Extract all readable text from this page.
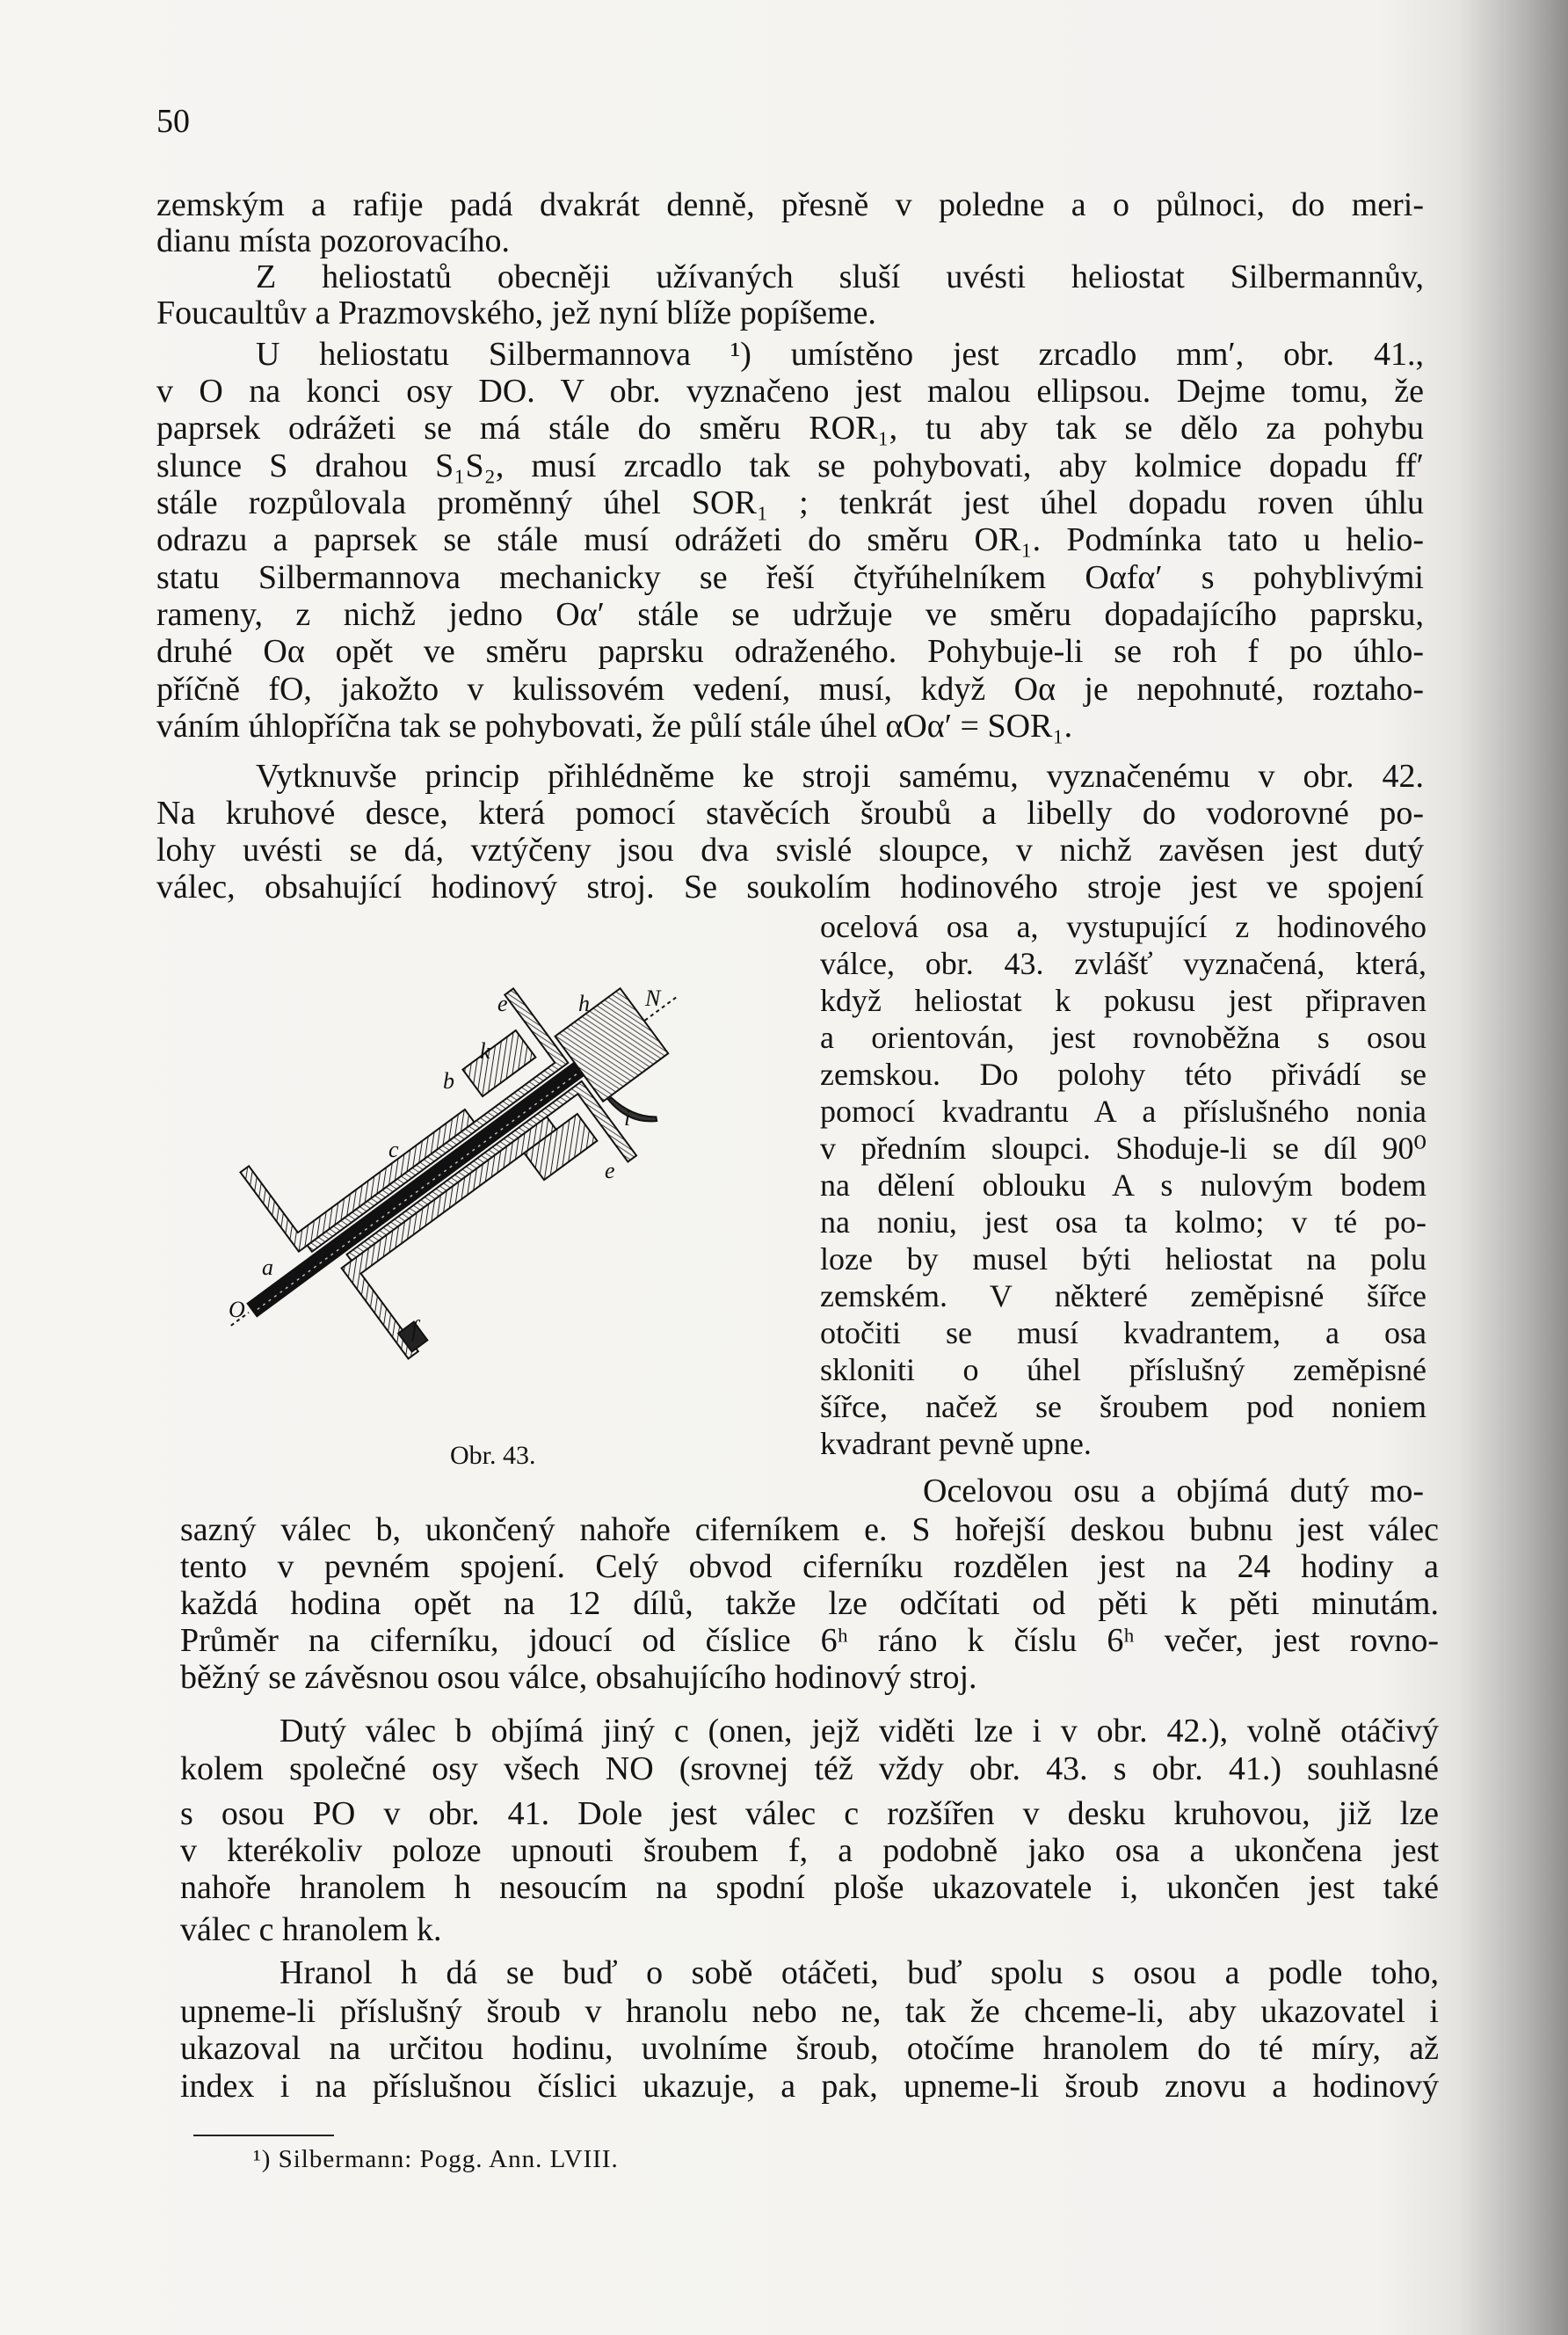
50
zemským a rafije padá dvakrát denně, přesně v poledne a o půlnoci, do meri-
dianu místa pozorovacího.
Z heliostatů obecněji užívaných sluší uvésti heliostat Silbermannův,
Foucaultův a Prazmovského, jež nyní blíže popíšeme.
U heliostatu Silbermannova ¹) umístěno jest zrcadlo mm′, obr. 41.,
v O na konci osy DO. V obr. vyznačeno jest malou ellipsou. Dejme tomu, že
paprsek odrážeti se má stále do směru ROR₁, tu aby tak se dělo za pohybu
slunce S drahou S₁S₂, musí zrcadlo tak se pohybovati, aby kolmice dopadu ff′
stále rozpůlovala proměnný úhel SOR₁ ; tenkrát jest úhel dopadu roven úhlu
odrazu a paprsek se stále musí odrážeti do směru OR₁. Podmínka tato u helio-
statu Silbermannova mechanicky se řeší čtyřúhelníkem Oαfα′ s pohyblivými
rameny, z nichž jedno Oα′ stále se udržuje ve směru dopadajícího paprsku,
druhé Oα opět ve směru paprsku odraženého. Pohybuje-li se roh f po úhlo-
příčně fO, jakožto v kulissovém vedení, musí, když Oα je nepohnuté, roztaho-
váním úhlopříčna tak se pohybovati, že půlí stále úhel αOα′ = SOR₁.
Vytknuvše princip přihlédněme ke stroji samému, vyznačenému v obr. 42.
Na kruhové desce, která pomocí stavěcích šroubů a libelly do vodorovné po-
lohy uvésti se dá, vztýčeny jsou dva svislé sloupce, v nichž zavěsen jest dutý
válec, obsahující hodinový stroj. Se soukolím hodinového stroje jest ve spojení
ocelová osa a, vystupující z hodinového
válce, obr. 43. zvlášť vyznačená, která,
když heliostat k pokusu jest připraven
a orientován, jest rovnoběžna s osou
zemskou. Do polohy této přivádí se
pomocí kvadrantu A a příslušného nonia
v předním sloupci. Shoduje-li se díl 90⁰
na dělení oblouku A s nulovým bodem
na noniu, jest osa ta kolmo; v té po-
loze by musel býti heliostat na polu
zemském. V některé zeměpisné šířce
otočiti se musí kvadrantem, a osa
skloniti o úhel příslušný zeměpisné
šířce, načež se šroubem pod noniem
kvadrant pevně upne.
e	h N
k
b
c
i
e
a
O
f
Obr. 43.
Ocelovou osu a objímá dutý mo-
sazný válec b, ukončený nahoře ciferníkem e. S hořejší deskou bubnu jest válec
tento v pevném spojení. Celý obvod ciferníku rozdělen jest na 24 hodiny a
každá hodina opět na 12 dílů, takže lze odčítati od pěti k pěti minutám.
Průměr na ciferníku, jdoucí od číslice 6ʰ ráno k číslu 6ʰ večer, jest rovno-
běžný se závěsnou osou válce, obsahujícího hodinový stroj.
Dutý válec b objímá jiný c (onen, jejž viděti lze i v obr. 42.), volně otáčivý
kolem společné osy všech NO (srovnej též vždy obr. 43. s obr. 41.) souhlasné
s osou PO v obr. 41. Dole jest válec c rozšířen v desku kruhovou, již lze
v kterékoliv poloze upnouti šroubem f, a podobně jako osa a ukončena jest
nahoře hranolem h nesoucím na spodní ploše ukazovatele i, ukončen jest také
válec c hranolem k.
Hranol h dá se buď o sobě otáčeti, buď spolu s osou a podle toho,
upneme-li příslušný šroub v hranolu nebo ne, tak že chceme-li, aby ukazovatel i
ukazoval na určitou hodinu, uvolníme šroub, otočíme hranolem do té míry, až
index i na příslušnou číslici ukazuje, a pak, upneme-li šroub znovu a hodinový
¹) Silbermann: Pogg. Ann. LVIII.
